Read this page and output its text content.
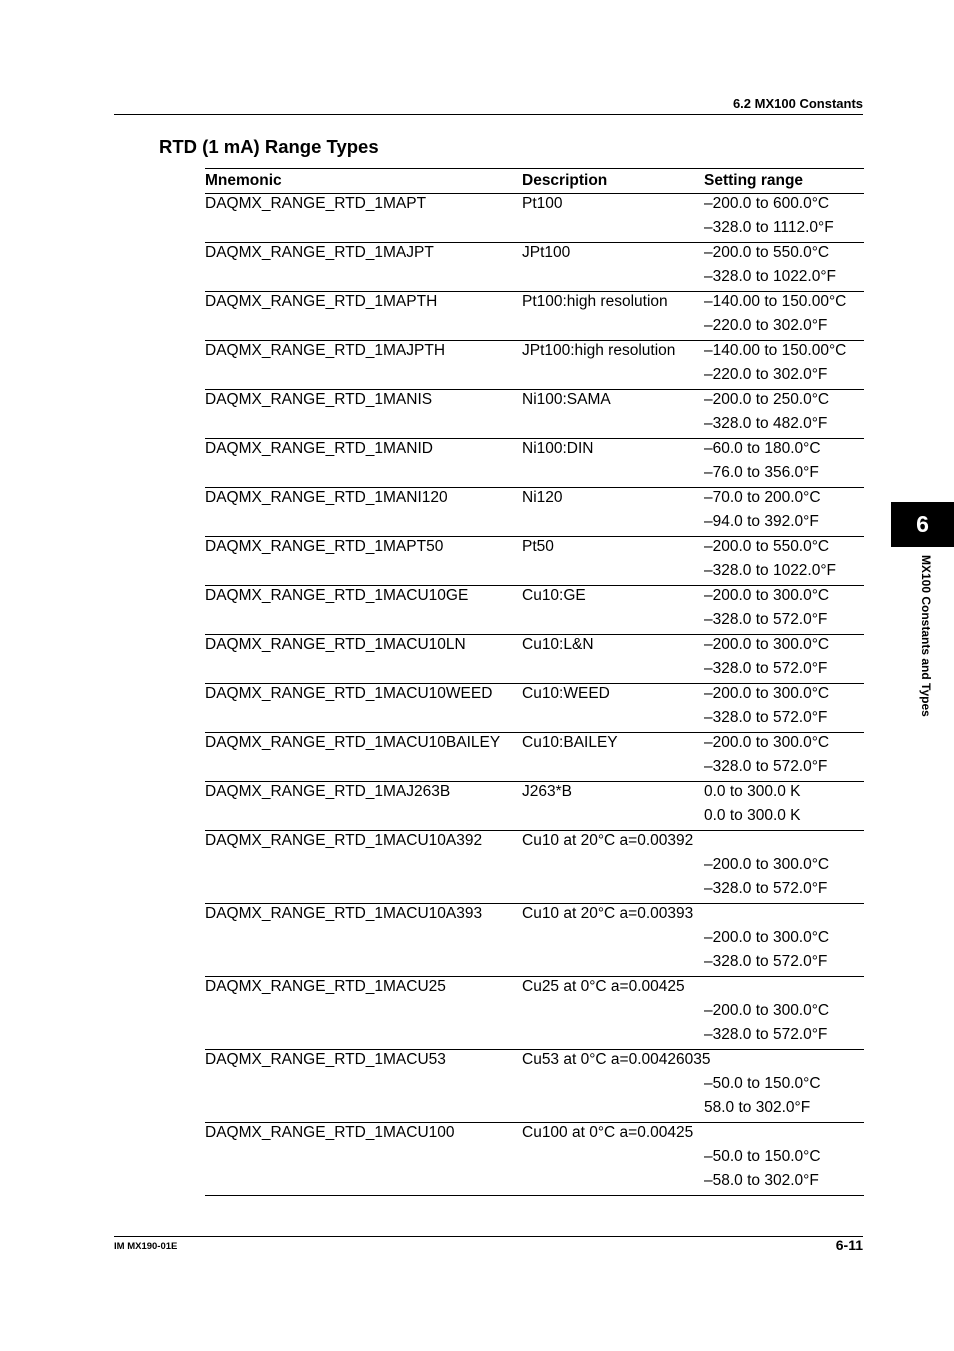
6.2 MX100 Constants
RTD (1 mA) Range Types
Mnemonic	Description	Setting range
DAQMX_RANGE_RTD_1MAPT	Pt100	–200.0 to 600.0°C
–328.0 to 1112.0°F
DAQMX_RANGE_RTD_1MAJPT	JPt100	–200.0 to 550.0°C
–328.0 to 1022.0°F
DAQMX_RANGE_RTD_1MAPTH	Pt100:high resolution	–140.00 to 150.00°C
–220.0 to 302.0°F
DAQMX_RANGE_RTD_1MAJPTH	JPt100:high resolution	–140.00 to 150.00°C
–220.0 to 302.0°F
DAQMX_RANGE_RTD_1MANIS	Ni100:SAMA	–200.0 to 250.0°C
–328.0 to 482.0°F
DAQMX_RANGE_RTD_1MANID	Ni100:DIN	–60.0 to 180.0°C
–76.0 to 356.0°F
DAQMX_RANGE_RTD_1MANI120	Ni120	–70.0 to 200.0°C
–94.0 to 392.0°F
DAQMX_RANGE_RTD_1MAPT50	Pt50	–200.0 to 550.0°C
–328.0 to 1022.0°F
DAQMX_RANGE_RTD_1MACU10GE	Cu10:GE	–200.0 to 300.0°C
–328.0 to 572.0°F
DAQMX_RANGE_RTD_1MACU10LN	Cu10:L&N	–200.0 to 300.0°C
–328.0 to 572.0°F
DAQMX_RANGE_RTD_1MACU10WEED	Cu10:WEED	–200.0 to 300.0°C
–328.0 to 572.0°F
DAQMX_RANGE_RTD_1MACU10BAILEY	Cu10:BAILEY	–200.0 to 300.0°C
–328.0 to 572.0°F
DAQMX_RANGE_RTD_1MAJ263B	J263*B	0.0 to 300.0 K
0.0 to 300.0 K
DAQMX_RANGE_RTD_1MACU10A392	Cu10 at 20°C a=0.00392
–200.0 to 300.0°C
–328.0 to 572.0°F
DAQMX_RANGE_RTD_1MACU10A393	Cu10 at 20°C a=0.00393
–200.0 to 300.0°C
–328.0 to 572.0°F
DAQMX_RANGE_RTD_1MACU25	Cu25 at 0°C a=0.00425
–200.0 to 300.0°C
–328.0 to 572.0°F
DAQMX_RANGE_RTD_1MACU53	Cu53 at 0°C a=0.00426035
–50.0 to 150.0°C
58.0 to 302.0°F
DAQMX_RANGE_RTD_1MACU100	Cu100 at 0°C a=0.00425
–50.0 to 150.0°C
–58.0 to 302.0°F
6
MX100 Constants and Types
IM MX190-01E	6-11
